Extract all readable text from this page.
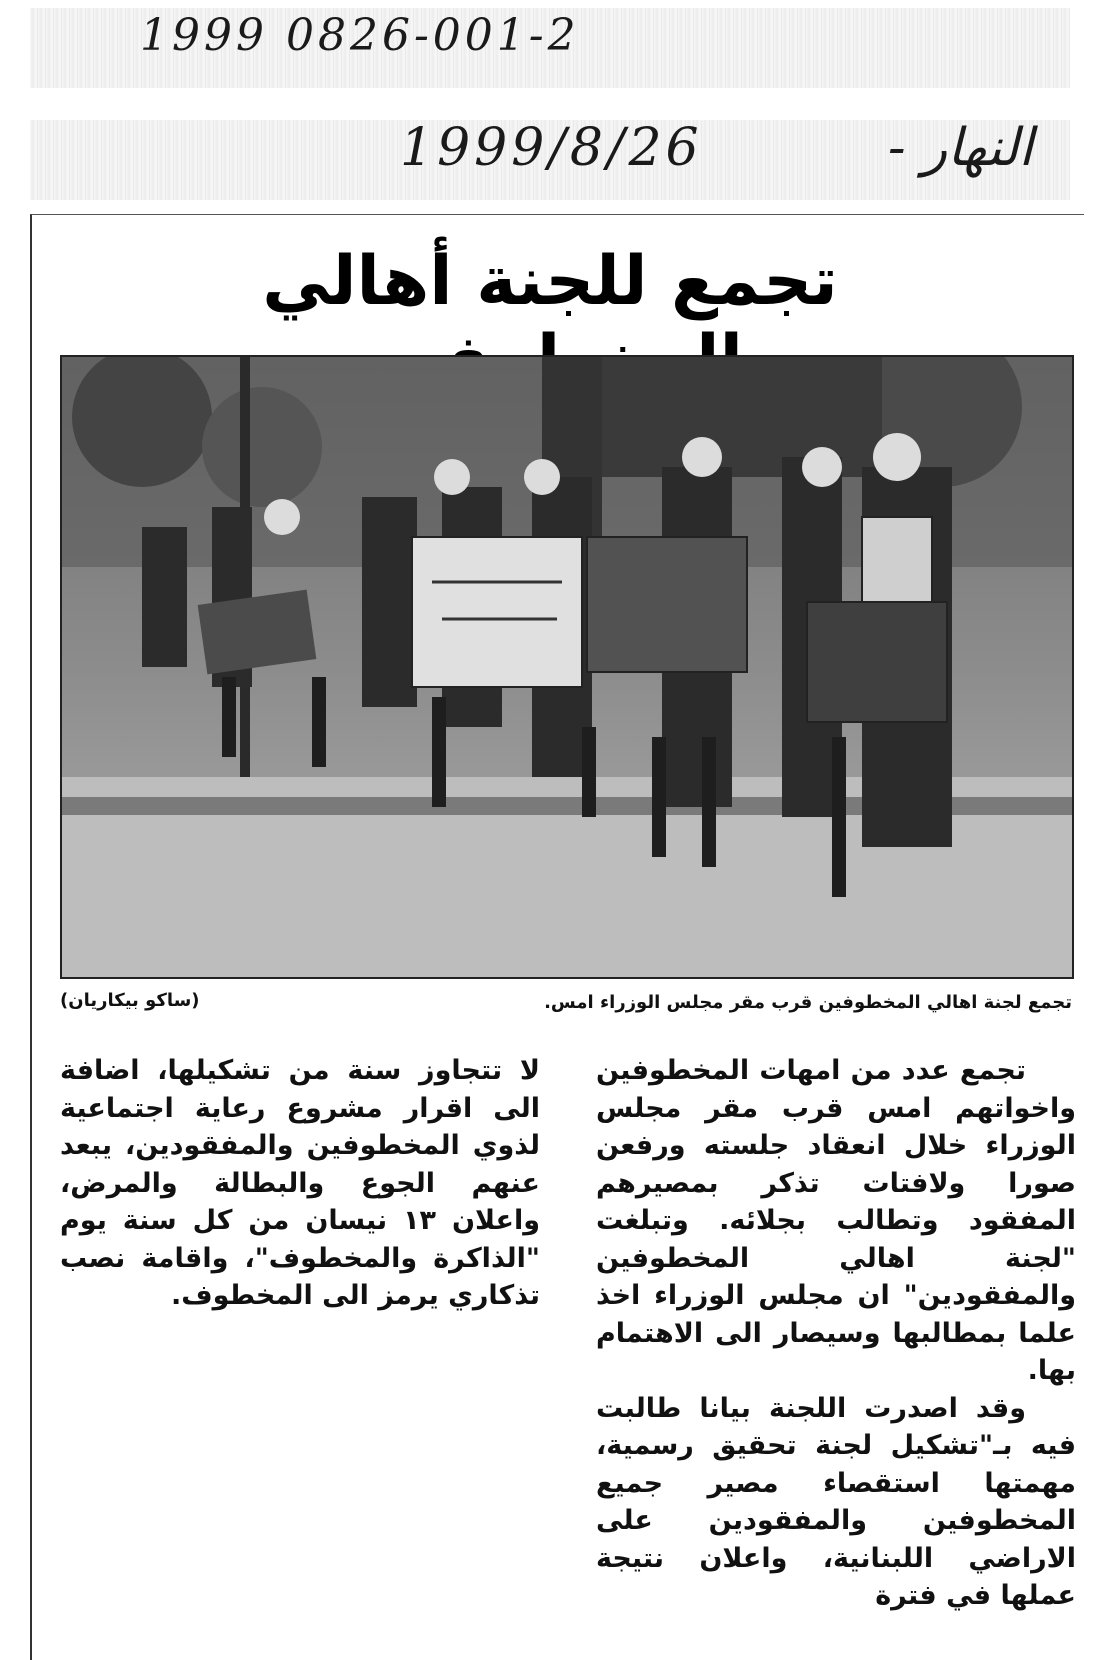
1999 0826-001-2
1999/8/26	النهار -
تجمع للجنة أهالي
تجمع لجنة اهالي المخطوفين قرب مقر مجلس الوزراء امس.
(ساكو بيكاريان)

تجمع عدد من امهات المخطوفين واخواتهم امس قرب مقر مجلس الوزراء خلال انعقاد جلسته ورفعن صورا ولافتات تذكر بمصيرهم المفقود وتطالب بجلائه. وتبلغت "لجنة اهالي المخطوفين والمفقودين" ان مجلس الوزراء اخذ علما بمطالبها وسيصار الى الاهتمام بها.

وقد اصدرت اللجنة بيانا طالبت فيه بـ"تشكيل لجنة تحقيق رسمية، مهمتها استقصاء مصير جميع المخطوفين والمفقودين على الاراضي اللبنانية، واعلان نتيجة عملها في فترة

لا تتجاوز سنة من تشكيلها، اضافة الى اقرار مشروع رعاية اجتماعية لذوي المخطوفين والمفقودين، يبعد عنهم الجوع والبطالة والمرض، واعلان ١٣ نيسان من كل سنة يوم "الذاكرة والمخطوف"، واقامة نصب تذكاري يرمز الى المخطوف.
